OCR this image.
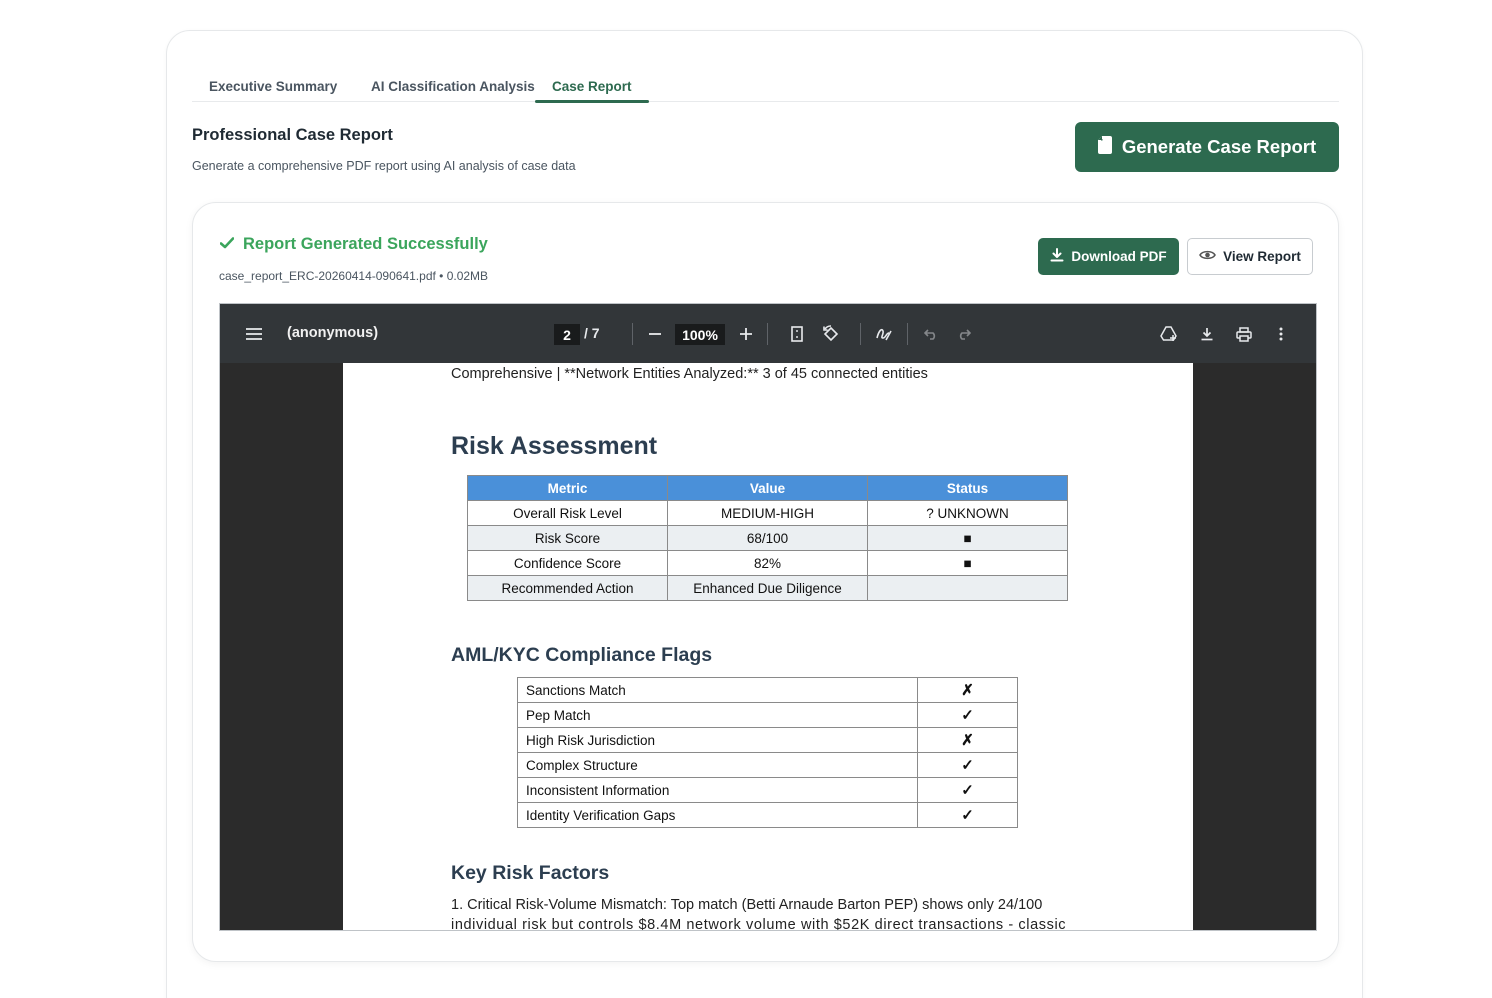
Executive Summary AI Classification Analysis	Case Report
Professional Case Report
Generate a comprehensive PDF report using AI analysis of case data
Generate Case Report
Report Generated Successfully
case_report_ERC-20260414-090641.pdf • 0.02MB
Download PDF	View Report
(anonymous)	2 / 7	100%
Comprehensive | **Network Entities Analyzed:** 3 of 45 connected entities
Risk Assessment
Metric	Value	Status
Overall Risk Level	MEDIUM-HIGH	? UNKNOWN
Risk Score	68/100	■
Confidence Score	82%	■
Recommended Action	Enhanced Due Diligence	
AML/KYC Compliance Flags
Sanctions Match	✗
Pep Match	✓
High Risk Jurisdiction	✗
Complex Structure	✓
Inconsistent Information	✓
Identity Verification Gaps	✓
Key Risk Factors
1. Critical Risk-Volume Mismatch: Top match (Betti Arnaude Barton PEP) shows only 24/100
individual risk but controls $8.4M network volume with $52K direct transactions - classic
